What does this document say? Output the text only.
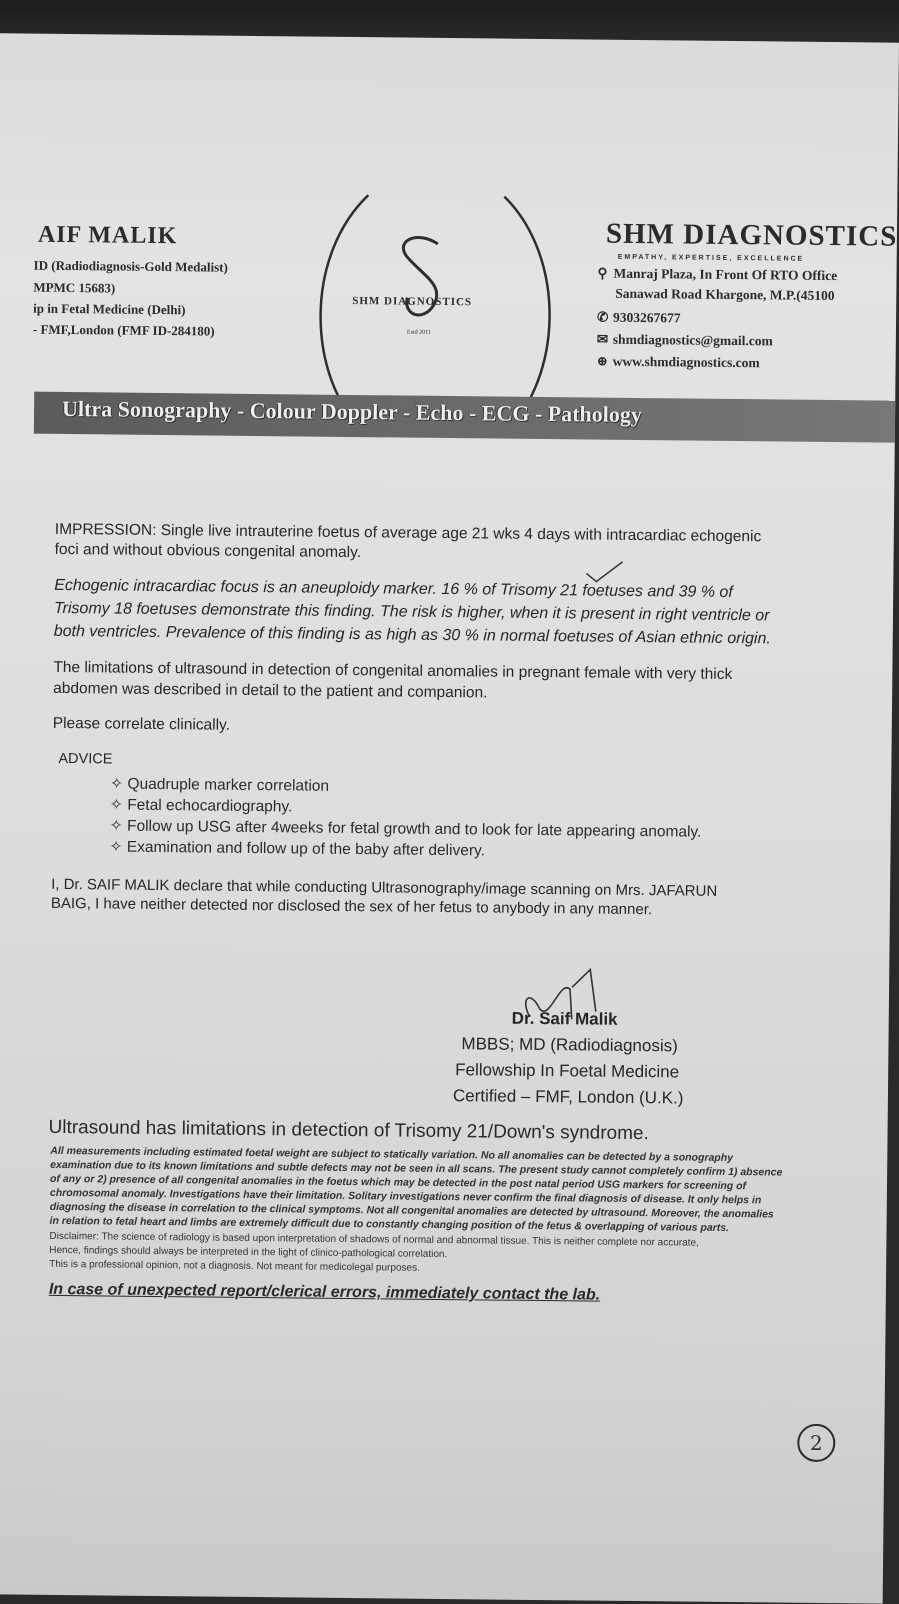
AIF MALIK
ID (Radiodiagnosis-Gold Medalist)
MPMC 15683)
ip in Fetal Medicine (Delhi)
- FMF,London (FMF ID-284180)
SHM DIAGNOSTICS
Estd 2011
SHM DIAGNOSTICS
EMPATHY, EXPERTISE, EXCELLENCE
⚲ Manraj Plaza, In Front Of RTO Office
Sanawad Road Khargone, M.P.(45100
✆ 9303267677
✉ shmdiagnostics@gmail.com
⊕ www.shmdiagnostics.com
Ultra Sonography - Colour Doppler - Echo - ECG - Pathology
IMPRESSION: Single live intrauterine foetus of average age 21 wks 4 days with intracardiac echogenic
foci and without obvious congenital anomaly.
Echogenic intracardiac focus is an aneuploidy marker. 16 % of Trisomy 21 foetuses and 39 % of
Trisomy 18 foetuses demonstrate this finding. The risk is higher, when it is present in right ventricle or
both ventricles. Prevalence of this finding is as high as 30 % in normal foetuses of Asian ethnic origin.
The limitations of ultrasound in detection of congenital anomalies in pregnant female with very thick
abdomen was described in detail to the patient and companion.
Please correlate clinically.
ADVICE
✧ Quadruple marker correlation
✧ Fetal echocardiography.
✧ Follow up USG after 4weeks for fetal growth and to look for late appearing anomaly.
✧ Examination and follow up of the baby after delivery.
I, Dr. SAIF MALIK declare that while conducting Ultrasonography/image scanning on Mrs. JAFARUN
BAIG, I have neither detected nor disclosed the sex of her fetus to anybody in any manner.
Dr. Saif Malik
MBBS; MD (Radiodiagnosis)
Fellowship In Foetal Medicine
Certified – FMF, London (U.K.)
Ultrasound has limitations in detection of Trisomy 21/Down's syndrome.
All measurements including estimated foetal weight are subject to statically variation. No all anomalies can be detected by a sonography
examination due to its known limitations and subtle defects may not be seen in all scans. The present study cannot completely confirm 1) absence
of any or 2) presence of all congenital anomalies in the foetus which may be detected in the post natal period USG markers for screening of
chromosomal anomaly. Investigations have their limitation. Solitary investigations never confirm the final diagnosis of disease. It only helps in
diagnosing the disease in correlation to the clinical symptoms. Not all congenital anomalies are detected by ultrasound. Moreover, the anomalies
in relation to fetal heart and limbs are extremely difficult due to constantly changing position of the fetus & overlapping of various parts.
Disclaimer: The science of radiology is based upon interpretation of shadows of normal and abnormal tissue. This is neither complete nor accurate,
Hence, findings should always be interpreted in the light of clinico-pathological correlation.
This is a professional opinion, not a diagnosis. Not meant for medicolegal purposes.
In case of unexpected report/clerical errors, immediately contact the lab.
2
